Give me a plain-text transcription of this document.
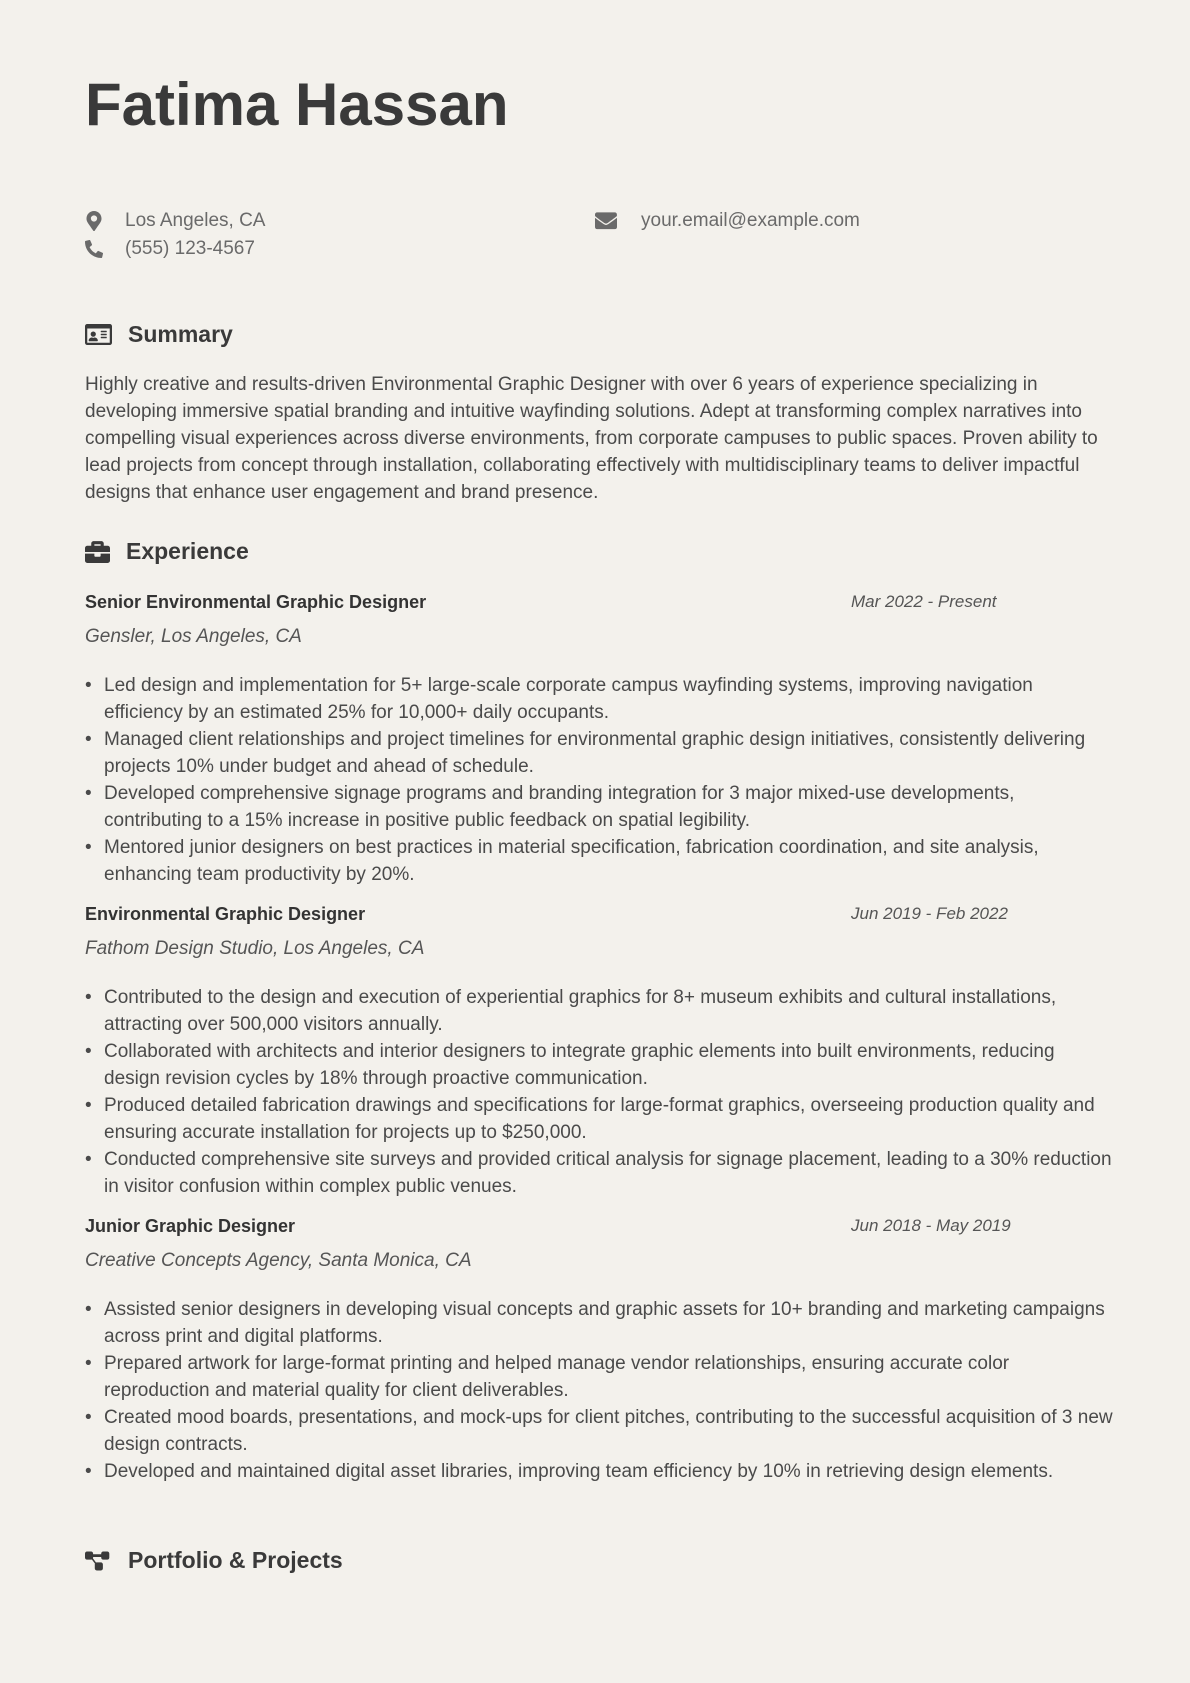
Fatima Hassan
Los Angeles, CA
(555) 123-4567
your.email@example.com
Summary

Highly creative and results-driven Environmental Graphic Designer with over 6 years of experience specializing in developing immersive spatial branding and intuitive wayfinding solutions. Adept at transforming complex narratives into compelling visual experiences across diverse environments, from corporate campuses to public spaces. Proven ability to lead projects from concept through installation, collaborating effectively with multidisciplinary teams to deliver impactful designs that enhance user engagement and brand presence.

Experience
Senior Environmental Graphic Designer	Mar 2022 - Present
Gensler, Los Angeles, CA
• Led design and implementation for 5+ large-scale corporate campus wayfinding systems, improving navigation efficiency by an estimated 25% for 10,000+ daily occupants.
• Managed client relationships and project timelines for environmental graphic design initiatives, consistently delivering projects 10% under budget and ahead of schedule.
• Developed comprehensive signage programs and branding integration for 3 major mixed-use developments, contributing to a 15% increase in positive public feedback on spatial legibility.
• Mentored junior designers on best practices in material specification, fabrication coordination, and site analysis, enhancing team productivity by 20%.
Environmental Graphic Designer	Jun 2019 - Feb 2022
Fathom Design Studio, Los Angeles, CA
• Contributed to the design and execution of experiential graphics for 8+ museum exhibits and cultural installations, attracting over 500,000 visitors annually.
• Collaborated with architects and interior designers to integrate graphic elements into built environments, reducing design revision cycles by 18% through proactive communication.
• Produced detailed fabrication drawings and specifications for large-format graphics, overseeing production quality and ensuring accurate installation for projects up to $250,000.
• Conducted comprehensive site surveys and provided critical analysis for signage placement, leading to a 30% reduction in visitor confusion within complex public venues.
Junior Graphic Designer	Jun 2018 - May 2019
Creative Concepts Agency, Santa Monica, CA
• Assisted senior designers in developing visual concepts and graphic assets for 10+ branding and marketing campaigns across print and digital platforms.
• Prepared artwork for large-format printing and helped manage vendor relationships, ensuring accurate color reproduction and material quality for client deliverables.
• Created mood boards, presentations, and mock-ups for client pitches, contributing to the successful acquisition of 3 new design contracts.
• Developed and maintained digital asset libraries, improving team efficiency by 10% in retrieving design elements.
Portfolio & Projects
